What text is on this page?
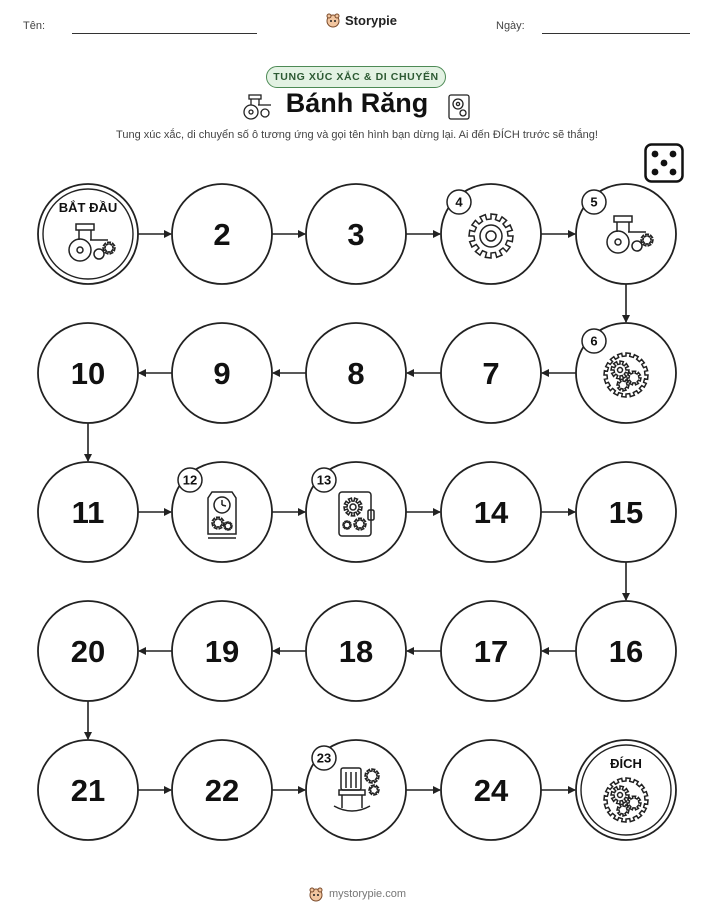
Tên:	Storypie	Ngày:
TUNG XÚC XẮC & DI CHUYỂN
Bánh Răng
Tung xúc xắc, di chuyển số ô tương ứng và gọi tên hình bạn dừng lại. Ai đến ĐÍCH trước sẽ thắng!
BẮT ĐẦU
2	3
4	5
6
7
8
9
10
11
12	13
14	15
16
17
18
19
20
21	22
23
24
ĐÍCH
mystorypie.com
